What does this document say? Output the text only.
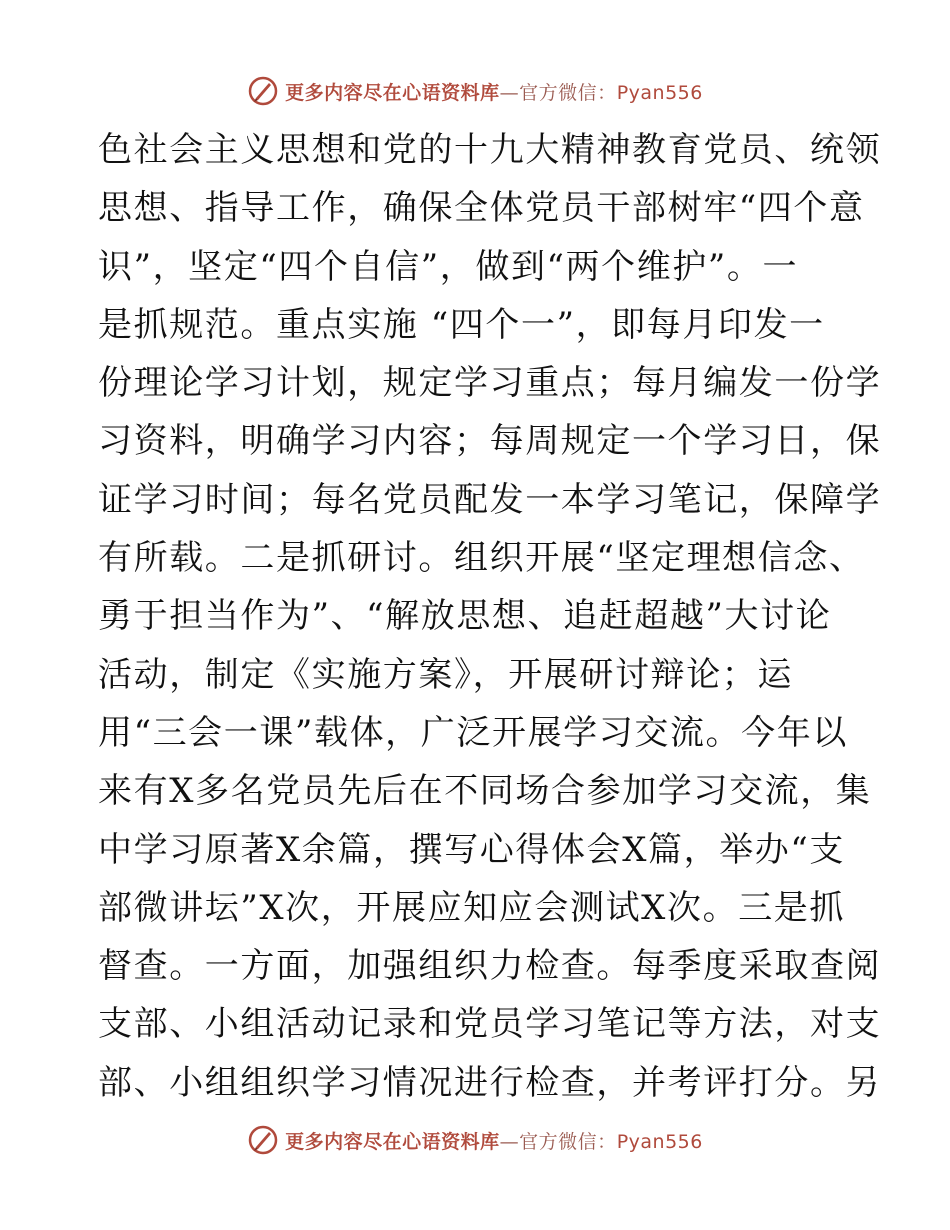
更多内容尽在心语资料库—官方微信：Pyan556
色社会主义思想和党的十九大精神教育党员、统领
思想、指导工作，确保全体党员干部树牢“四个意
识”，坚定“四个自信”，做到“两个维护”。一
是抓规范。重点实施 “四个一”，即每月印发一
份理论学习计划，规定学习重点；每月编发一份学
习资料，明确学习内容；每周规定一个学习日，保
证学习时间；每名党员配发一本学习笔记，保障学
有所载。二是抓研讨。组织开展“坚定理想信念、
勇于担当作为”、“解放思想、追赶超越”大讨论
活动，制定《实施方案》，开展研讨辩论；运
用“三会一课”载体，广泛开展学习交流。今年以
来有X多名党员先后在不同场合参加学习交流，集
中学习原著X余篇，撰写心得体会X篇，举办“支
部微讲坛”X次，开展应知应会测试X次。三是抓
督查。一方面，加强组织力检查。每季度采取查阅
支部、小组活动记录和党员学习笔记等方法，对支
部、小组组织学习情况进行检查，并考评打分。另
更多内容尽在心语资料库—官方微信：Pyan556
